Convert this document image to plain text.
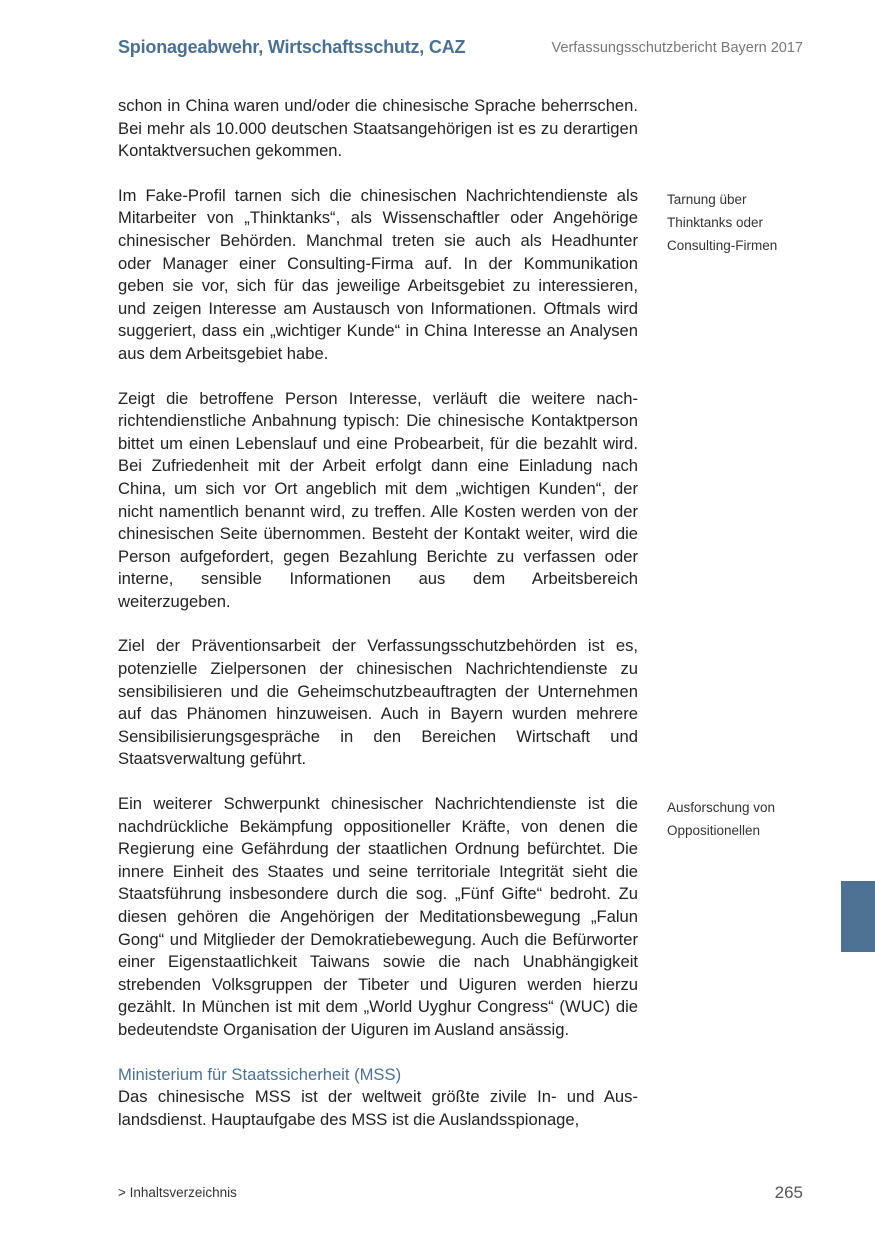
Spionageabwehr, Wirtschaftsschutz, CAZ	Verfassungsschutzbericht Bayern 2017

schon in China waren und/oder die chinesische Sprache beherrschen. Bei mehr als 10.000 deutschen Staatsangehörigen ist es zu derartigen Kontaktversuchen gekommen.

Im Fake-Profil tarnen sich die chinesischen Nachrichtendienste als Mitarbeiter von „Thinktanks“, als Wissenschaftler oder Angehörige chinesischer Behörden. Manchmal treten sie auch als Headhunter oder Manager einer Consulting-Firma auf. In der Kommunikation geben sie vor, sich für das jeweilige Arbeitsgebiet zu interessieren, und zeigen Interesse am Austausch von Informationen. Oftmals wird suggeriert, dass ein „wichtiger Kunde“ in China Interesse an Analysen aus dem Arbeitsgebiet habe.

Zeigt die betroffene Person Interesse, verläuft die weitere nachrichtendienstliche Anbahnung typisch: Die chinesische Kontaktperson bittet um einen Lebenslauf und eine Probearbeit, für die bezahlt wird. Bei Zufriedenheit mit der Arbeit erfolgt dann eine Einladung nach China, um sich vor Ort angeblich mit dem „wichtigen Kunden“, der nicht namentlich benannt wird, zu treffen. Alle Kosten werden von der chinesischen Seite übernommen. Besteht der Kontakt weiter, wird die Person aufgefordert, gegen Bezahlung Berichte zu verfassen oder interne, sensible Informationen aus dem Arbeitsbereich weiterzugeben.

Ziel der Präventionsarbeit der Verfassungsschutzbehörden ist es, potenzielle Zielpersonen der chinesischen Nachrichtendienste zu sensibilisieren und die Geheimschutzbeauftragten der Unternehmen auf das Phänomen hinzuweisen. Auch in Bayern wurden mehrere Sensibilisierungsgespräche in den Bereichen Wirtschaft und Staatsverwaltung geführt.

Ein weiterer Schwerpunkt chinesischer Nachrichtendienste ist die nachdrückliche Bekämpfung oppositioneller Kräfte, von denen die Regierung eine Gefährdung der staatlichen Ordnung befürchtet. Die innere Einheit des Staates und seine territoriale Integrität sieht die Staatsführung insbesondere durch die sog. „Fünf Gifte“ bedroht. Zu diesen gehören die Angehörigen der Meditationsbewegung „Falun Gong“ und Mitglieder der Demokratiebewegung. Auch die Befürworter einer Eigenstaatlichkeit Taiwans sowie die nach Unabhängigkeit strebenden Volksgruppen der Tibeter und Uiguren werden hierzu gezählt. In München ist mit dem „World Uyghur Congress“ (WUC) die bedeutendste Organisation der Uiguren im Ausland ansässig.

Ministerium für Staatssicherheit (MSS)

Das chinesische MSS ist der weltweit größte zivile In- und Auslandsdienst. Hauptaufgabe des MSS ist die Auslandsspionage,

Tarnung über
Thinktanks oder
Consulting-Firmen
Ausforschung von
Oppositionellen
> Inhaltsverzeichnis	265
